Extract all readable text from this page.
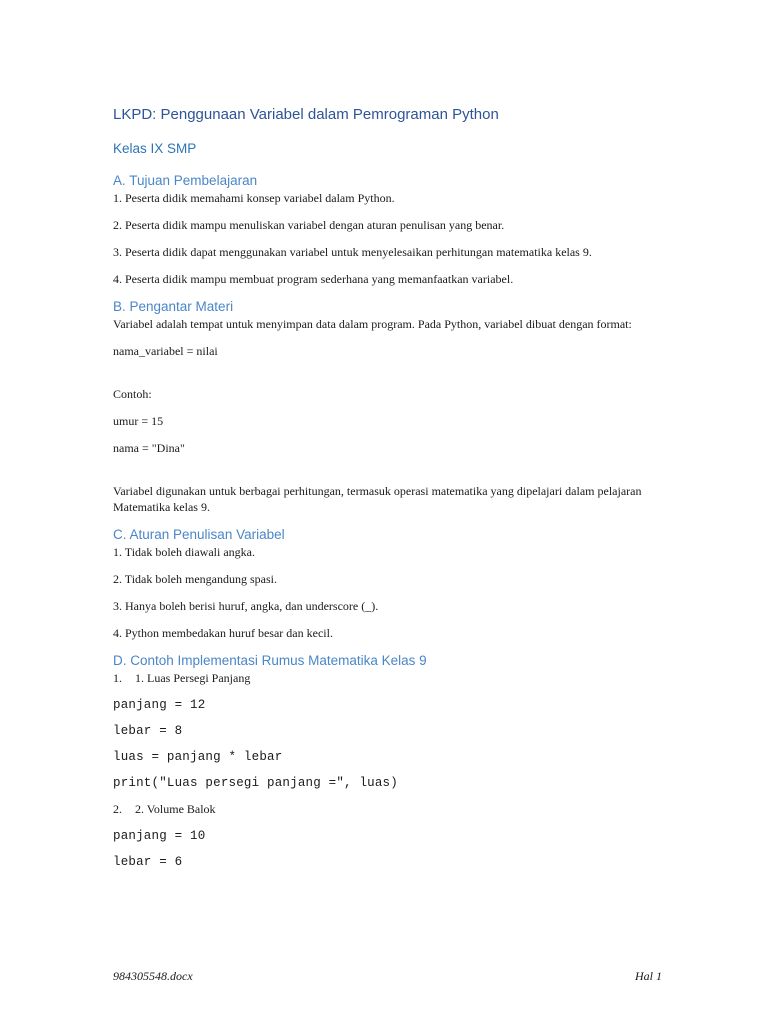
LKPD: Penggunaan Variabel dalam Pemrograman Python
Kelas IX SMP
A. Tujuan Pembelajaran

1. Peserta didik memahami konsep variabel dalam Python.

2. Peserta didik mampu menuliskan variabel dengan aturan penulisan yang benar.

3. Peserta didik dapat menggunakan variabel untuk menyelesaikan perhitungan matematika kelas 9.

4. Peserta didik mampu membuat program sederhana yang memanfaatkan variabel.

B. Pengantar Materi

Variabel adalah tempat untuk menyimpan data dalam program. Pada Python, variabel dibuat dengan format:

nama_variabel = nilai

Contoh:

umur = 15

nama = "Dina"

Variabel digunakan untuk berbagai perhitungan, termasuk operasi matematika yang dipelajari dalam pelajaran Matematika kelas 9.

C. Aturan Penulisan Variabel

1. Tidak boleh diawali angka.

2. Tidak boleh mengandung spasi.

3. Hanya boleh berisi huruf, angka, dan underscore (_).

4. Python membedakan huruf besar dan kecil.

D. Contoh Implementasi Rumus Matematika Kelas 9

1. 1. Luas Persegi Panjang

panjang = 12

lebar = 8

luas = panjang * lebar

print("Luas persegi panjang =", luas)

2. 2. Volume Balok

panjang = 10

lebar = 6

984305548.docx	Hal 1
